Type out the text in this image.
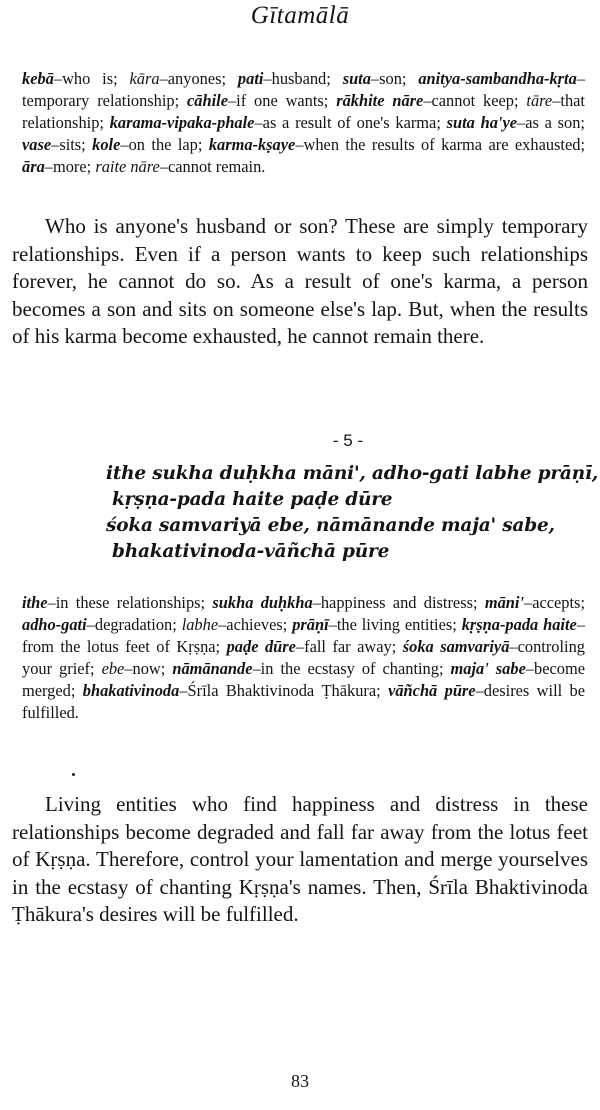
Gītamālā
kebā–who is; kāra–anyones; pati–husband; suta–son; anitya-sambandha-kṛta–temporary relationship; cāhile–if one wants; rākhite nāre–cannot keep; tāre–that relationship; karama-vipaka-phale–as a result of one's karma; suta ha'ye–as a son; vase–sits; kole–on the lap; karma-kṣaye–when the results of karma are exhausted; āra–more; raite nāre–cannot remain.

Who is anyone's husband or son? These are simply temporary relationships. Even if a person wants to keep such relationships forever, he cannot do so. As a result of one's karma, a person becomes a son and sits on someone else's lap. But, when the results of his karma become exhausted, he cannot remain there.

- 5 -
ithe sukha duḥkha māni', adho-gati labhe prāṇī,
kṛṣṇa-pada haite paḍe dūre
śoka samvariyā ebe, nāmānande maja' sabe,
bhakativinoda-vāñchā pūre
ithe–in these relationships; sukha duḥkha–happiness and distress; māni'–accepts; adho-gati–degradation; labhe–achieves; prāṇī–the living entities; kṛṣṇa-pada haite–from the lotus feet of Kṛṣṇa; paḍe dūre–fall far away; śoka samvariyā–controling your grief; ebe–now; nāmānande–in the ecstasy of chanting; maja' sabe–become merged; bhakativinoda–Śrīla Bhaktivinoda Ṭhākura; vāñchā pūre–desires will be fulfilled.

Living entities who find happiness and distress in these relationships become degraded and fall far away from the lotus feet of Kṛṣṇa. Therefore, control your lamentation and merge yourselves in the ecstasy of chanting Kṛṣṇa's names. Then, Śrīla Bhaktivinoda Ṭhākura's desires will be fulfilled.

83
